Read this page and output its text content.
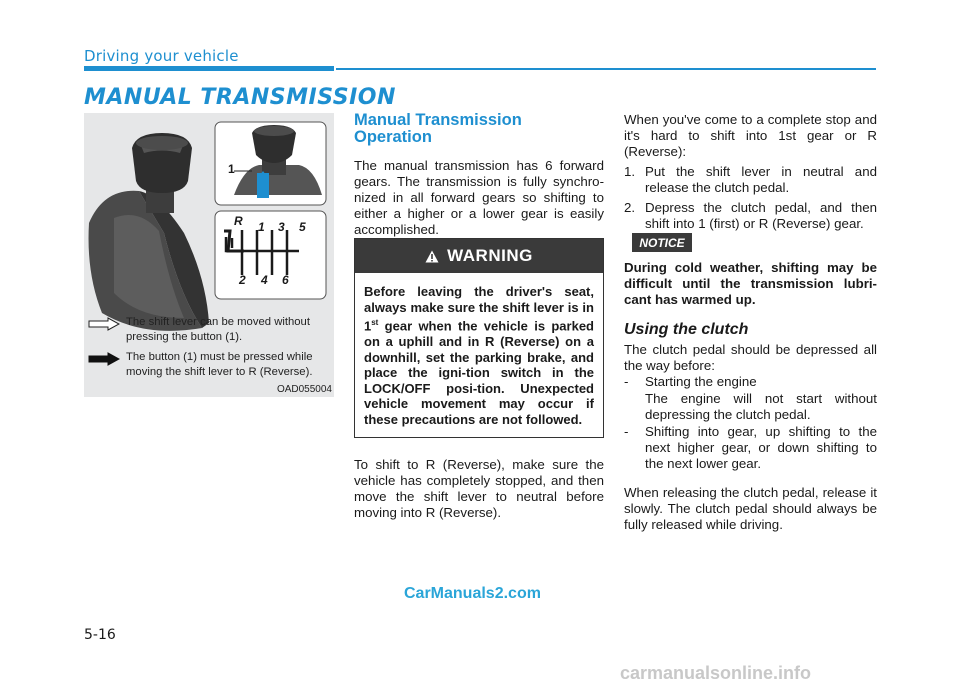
Driving your vehicle
MANUAL TRANSMISSION
1
R 1 3 5
2 4 6
The shift lever can be moved without pressing the button (1).
The button (1) must be pressed while moving the shift lever to R (Reverse).
OAD055004
Manual Transmission Operation

The manual transmission has 6 forward gears. The transmission is fully synchro-nized in all forward gears so shifting to either a higher or a lower gear is easily accomplished.

WARNING
Before leaving the driver's seat, always make sure the shift lever is in 1st gear when the vehicle is parked on a uphill and in R (Reverse) on a downhill, set the parking brake, and place the igni-tion switch in the LOCK/OFF posi-tion. Unexpected vehicle movement may occur if these precautions are not followed.

To shift to R (Reverse), make sure the vehicle has completely stopped, and then move the shift lever to neutral before moving into R (Reverse).

When you've come to a complete stop and it's hard to shift into 1st gear or R (Reverse):

1. Put the shift lever in neutral and release the clutch pedal.

2. Depress the clutch pedal, and then shift into 1 (first) or R (Reverse) gear.

NOTICE

During cold weather, shifting may be difficult until the transmission lubri-cant has warmed up.

Using the clutch

The clutch pedal should be depressed all the way before:

-	Starting the engine

The engine will not start without depressing the clutch pedal.

-	Shifting into gear, up shifting to the next higher gear, or down shifting to the next lower gear.

When releasing the clutch pedal, release it slowly. The clutch pedal should always be fully released while driving.

CarManuals2.com
5-16
carmanualsonline.info
